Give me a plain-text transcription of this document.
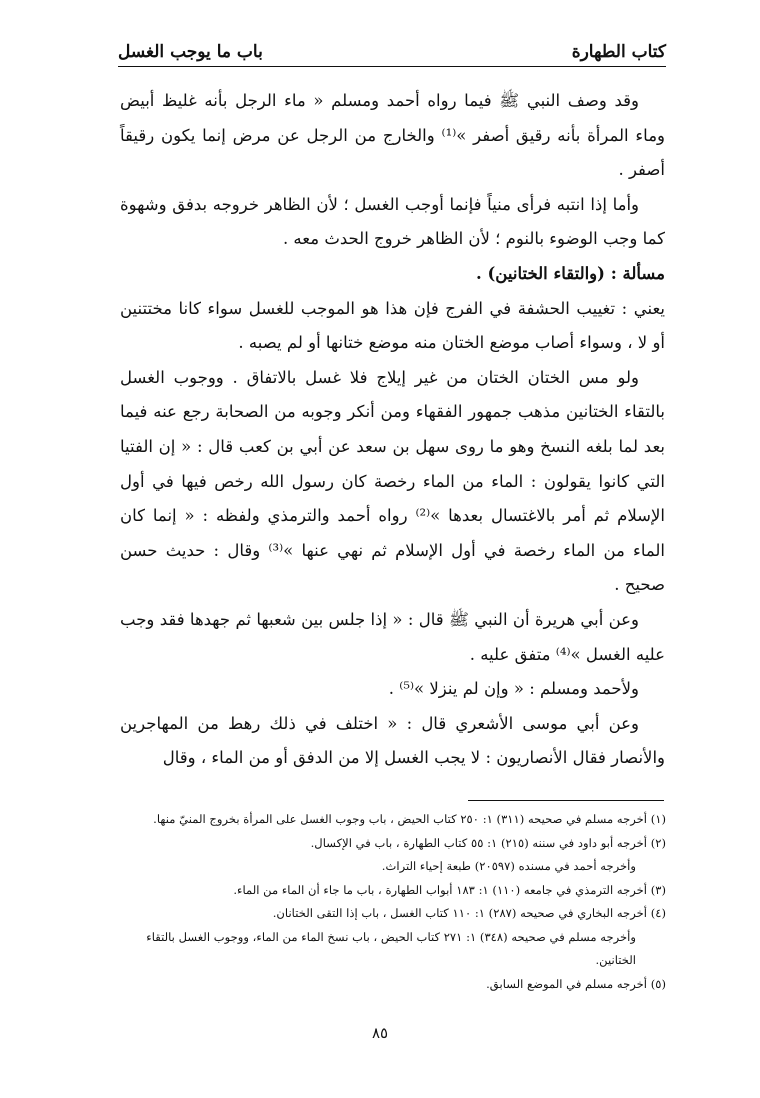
كتاب الطهارة
باب ما يوجب الغسل

وقد وصف النبي ﷺ فيما رواه أحمد ومسلم « ماء الرجل بأنه غليظ أبيض وماء المرأة بأنه رقيق أصفر »⁽¹⁾ والخارج من الرجل عن مرض إنما يكون رقيقاً أصفر .

وأما إذا انتبه فرأى منياً فإنما أوجب الغسل ؛ لأن الظاهر خروجه بدفق وشهوة كما وجب الوضوء بالنوم ؛ لأن الظاهر خروج الحدث معه .

مسألة : (والتقاء الختانين) .

يعني : تغييب الحشفة في الفرج فإن هذا هو الموجب للغسل سواء كانا مختتنين أو لا ، وسواء أصاب موضع الختان منه موضع ختانها أو لم يصبه .

ولو مس الختان الختان من غير إيلاج فلا غسل بالاتفاق . ووجوب الغسل بالتقاء الختانين مذهب جمهور الفقهاء ومن أنكر وجوبه من الصحابة رجع عنه فيما بعد لما بلغه النسخ وهو ما روى سهل بن سعد عن أبي بن كعب قال : « إن الفتيا التي كانوا يقولون : الماء من الماء رخصة كان رسول الله رخص فيها في أول الإسلام ثم أمر بالاغتسال بعدها »⁽²⁾ رواه أحمد والترمذي ولفظه : « إنما كان الماء من الماء رخصة في أول الإسلام ثم نهي عنها »⁽³⁾ وقال : حديث حسن صحيح .

وعن أبي هريرة أن النبي ﷺ قال : « إذا جلس بين شعبها ثم جهدها فقد وجب عليه الغسل »⁽⁴⁾ متفق عليه .

ولأحمد ومسلم : « وإن لم ينزلا »⁽⁵⁾ .

وعن أبي موسى الأشعري قال : « اختلف في ذلك رهط من المهاجرين والأنصار فقال الأنصاريون : لا يجب الغسل إلا من الدفق أو من الماء ، وقال

(١) أخرجه مسلم في صحيحه (٣١١) ١: ٢٥٠ كتاب الحيض ، باب وجوب الغسل على المرأة بخروج المنيّ منها.

(٢) أخرجه أبو داود في سننه (٢١٥) ١: ٥٥ كتاب الطهارة ، باب في الإكسال.

وأخرجه أحمد في مسنده (٢٠٥٩٧) طبعة إحياء التراث.

(٣) أخرجه الترمذي في جامعه (١١٠) ١: ١٨٣ أبواب الطهارة ، باب ما جاء أن الماء من الماء.

(٤) أخرجه البخاري في صحيحه (٢٨٧) ١: ١١٠ كتاب الغسل ، باب إذا التقى الختانان.

وأخرجه مسلم في صحيحه (٣٤٨) ١: ٢٧١ كتاب الحيض ، باب نسخ الماء من الماء، ووجوب الغسل بالتقاء الختانين.

(٥) أخرجه مسلم في الموضع السابق.

٨٥
